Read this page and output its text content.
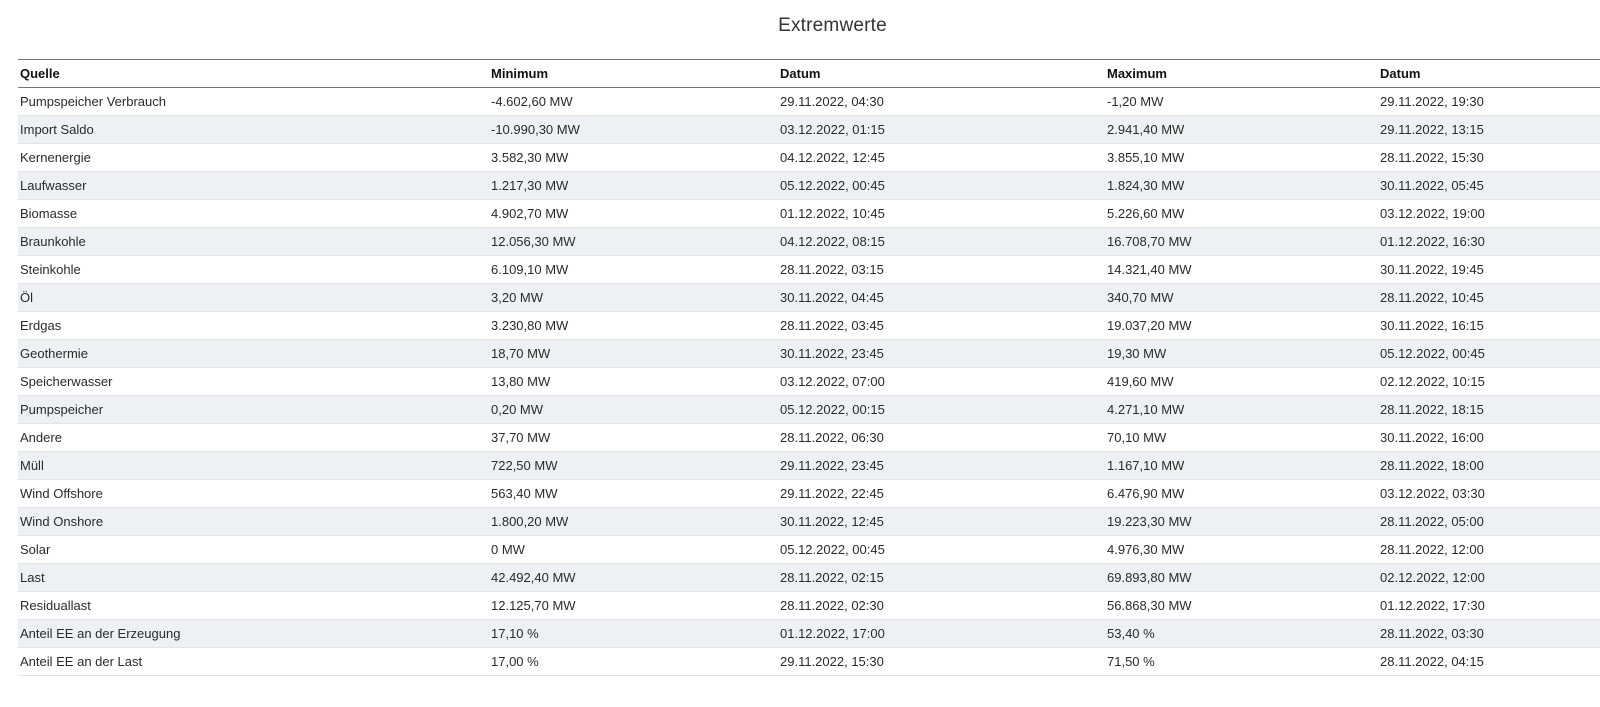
Extremwerte
Quelle	Minimum	Datum	Maximum	Datum
Pumpspeicher Verbrauch	-4.602,60 MW	29.11.2022, 04:30	-1,20 MW	29.11.2022, 19:30
Import Saldo	-10.990,30 MW	03.12.2022, 01:15	2.941,40 MW	29.11.2022, 13:15
Kernenergie	3.582,30 MW	04.12.2022, 12:45	3.855,10 MW	28.11.2022, 15:30
Laufwasser	1.217,30 MW	05.12.2022, 00:45	1.824,30 MW	30.11.2022, 05:45
Biomasse	4.902,70 MW	01.12.2022, 10:45	5.226,60 MW	03.12.2022, 19:00
Braunkohle	12.056,30 MW	04.12.2022, 08:15	16.708,70 MW	01.12.2022, 16:30
Steinkohle	6.109,10 MW	28.11.2022, 03:15	14.321,40 MW	30.11.2022, 19:45
Öl	3,20 MW	30.11.2022, 04:45	340,70 MW	28.11.2022, 10:45
Erdgas	3.230,80 MW	28.11.2022, 03:45	19.037,20 MW	30.11.2022, 16:15
Geothermie	18,70 MW	30.11.2022, 23:45	19,30 MW	05.12.2022, 00:45
Speicherwasser	13,80 MW	03.12.2022, 07:00	419,60 MW	02.12.2022, 10:15
Pumpspeicher	0,20 MW	05.12.2022, 00:15	4.271,10 MW	28.11.2022, 18:15
Andere	37,70 MW	28.11.2022, 06:30	70,10 MW	30.11.2022, 16:00
Müll	722,50 MW	29.11.2022, 23:45	1.167,10 MW	28.11.2022, 18:00
Wind Offshore	563,40 MW	29.11.2022, 22:45	6.476,90 MW	03.12.2022, 03:30
Wind Onshore	1.800,20 MW	30.11.2022, 12:45	19.223,30 MW	28.11.2022, 05:00
Solar	0 MW	05.12.2022, 00:45	4.976,30 MW	28.11.2022, 12:00
Last	42.492,40 MW	28.11.2022, 02:15	69.893,80 MW	02.12.2022, 12:00
Residuallast	12.125,70 MW	28.11.2022, 02:30	56.868,30 MW	01.12.2022, 17:30
Anteil EE an der Erzeugung	17,10 %	01.12.2022, 17:00	53,40 %	28.11.2022, 03:30
Anteil EE an der Last	17,00 %	29.11.2022, 15:30	71,50 %	28.11.2022, 04:15
